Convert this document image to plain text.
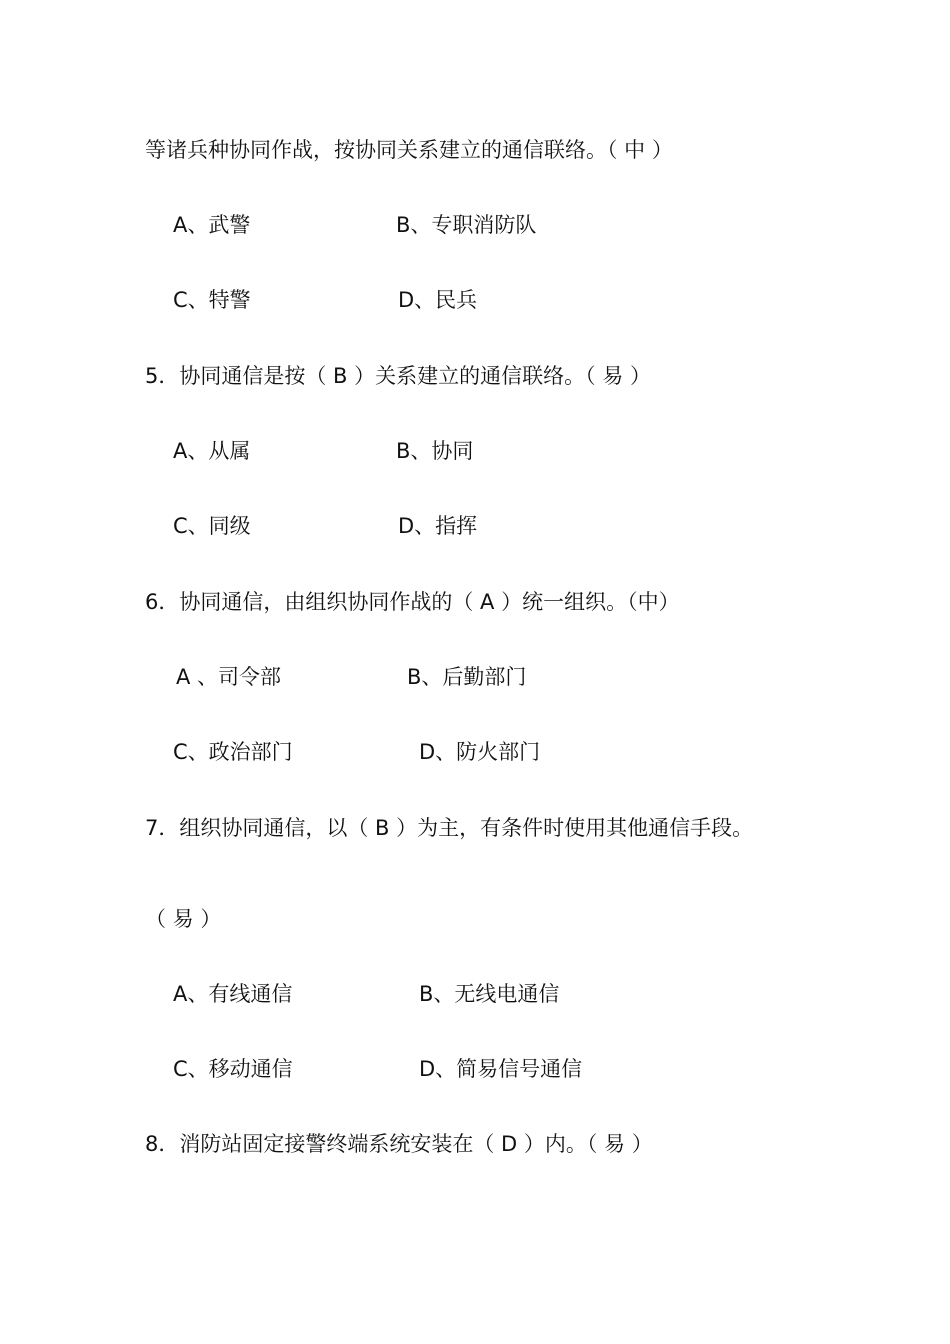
等诸兵种协同作战，按协同关系建立的通信联络。（ 中 ）
A、武警	B、专职消防队
C、特警	D、民兵
5．协同通信是按（ B ）关系建立的通信联络。（ 易 ）
A、从属	B、协同
C、同级	D、指挥
6．协同通信，由组织协同作战的（ A ）统一组织。（中）
A 、司令部	B、后勤部门
C、政治部门	D、防火部门
7．组织协同通信，以（ B ）为主，有条件时使用其他通信手段。
（ 易 ）
A、有线通信	B、无线电通信
C、移动通信	D、简易信号通信
8．消防站固定接警终端系统安装在（ D ）内。（ 易 ）
